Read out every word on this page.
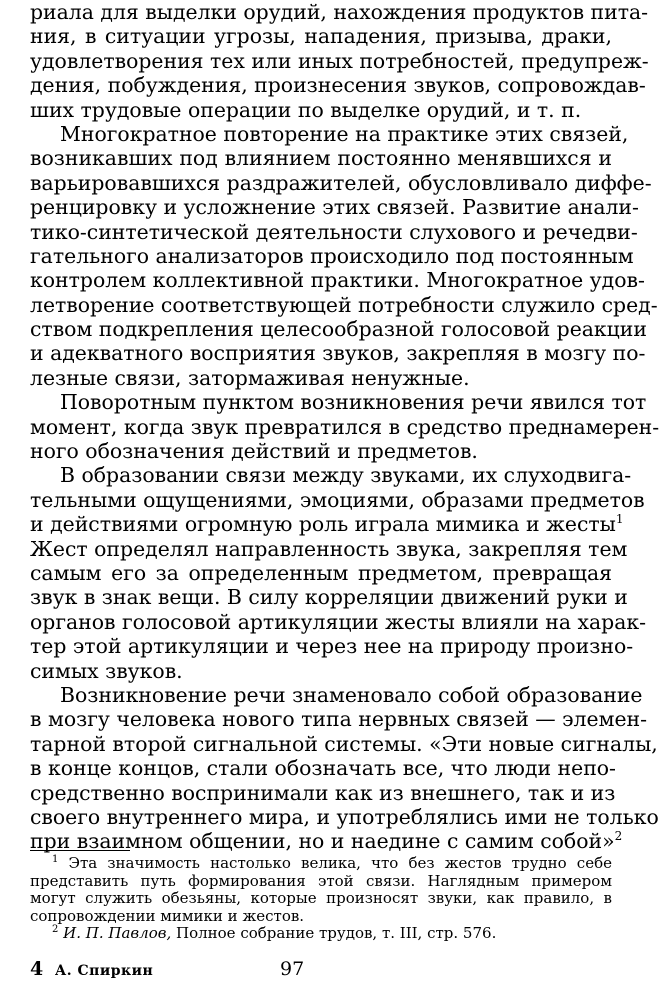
риала для выделки орудий, нахождения продуктов пита-
ния, в ситуации угрозы, нападения, призыва, драки,
удовлетворения тех или иных потребностей, предупреж-
дения, побуждения, произнесения звуков, сопровождав-
ших трудовые операции по выделке орудий, и т. п.
Многократное повторение на практике этих связей,
возникавших под влиянием постоянно менявшихся и
варьировавшихся раздражителей, обусловливало диффе-
ренцировку и усложнение этих связей. Развитие анали-
тико-синтетической деятельности слухового и речедви-
гательного анализаторов происходило под постоянным
контролем коллективной практики. Многократное удов-
летворение соответствующей потребности служило сред-
ством подкрепления целесообразной голосовой реакции
и адекватного восприятия звуков, закрепляя в мозгу по-
лезные связи, затормаживая ненужные.
Поворотным пунктом возникновения речи явился тот
момент, когда звук превратился в средство преднамерен-
ного обозначения действий и предметов.
В образовании связи между звуками, их слуходвига-
тельными ощущениями, эмоциями, образами предметов
и действиями огромную роль играла мимика и жесты$^1$
Жест определял направленность звука, закрепляя тем
самым его за определенным предметом, превращая
звук в знак вещи. В силу корреляции движений руки и
органов голосовой артикуляции жесты влияли на харак-
тер этой артикуляции и через нее на природу произно-
симых звуков.
Возникновение речи знаменовало собой образование
в мозгу человека нового типа нервных связей — элемен-
тарной второй сигнальной системы. «Эти новые сигналы,
в конце концов, стали обозначать все, что люди непо-
средственно воспринимали как из внешнего, так и из
своего внутреннего мира, и употреблялись ими не только
при взаимном общении, но и наедине с самим собой»$^2$
$^1$ Эта значимость настолько велика, что без жестов трудно себе
представить путь формирования этой связи. Наглядным примером
могут служить обезьяны, которые произносят звуки, как правило, в
сопровождении мимики и жестов.
$^2$ И. П. Павлов, Полное собрание трудов, т. III, стр. 576.
4 А. Спиркин	97
